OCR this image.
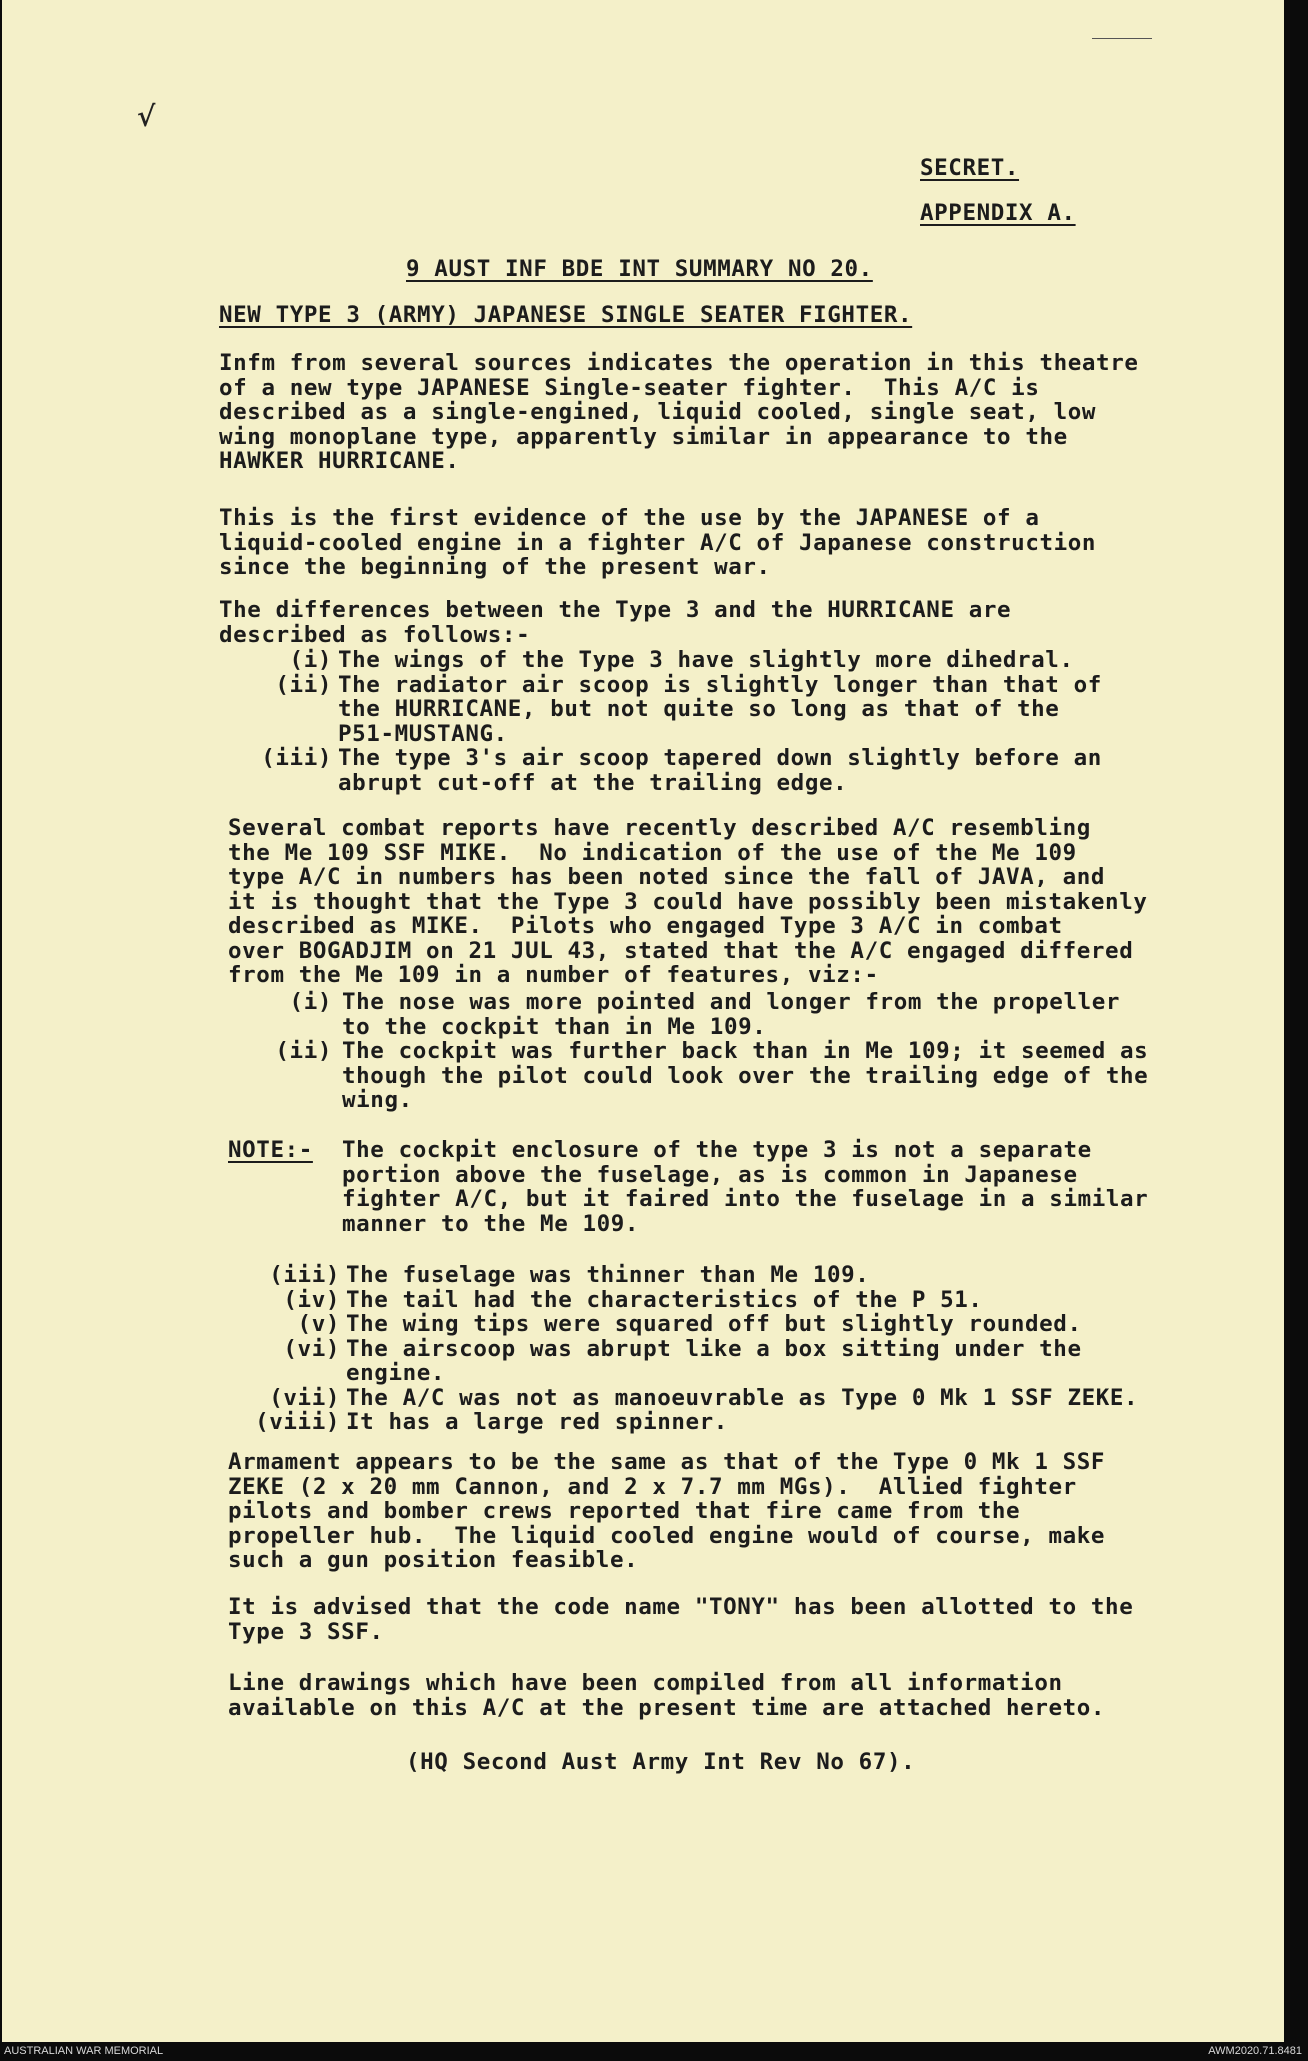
√
SECRET.
APPENDIX A.
9 AUST INF BDE INT SUMMARY NO 20.
NEW TYPE 3 (ARMY) JAPANESE SINGLE SEATER FIGHTER.
Infm from several sources indicates the operation in this theatre
of a new type JAPANESE Single-seater fighter.  This A/C is
described as a single-engined, liquid cooled, single seat, low
wing monoplane type, apparently similar in appearance to the
HAWKER HURRICANE.
This is the first evidence of the use by the JAPANESE of a
liquid-cooled engine in a fighter A/C of Japanese construction
since the beginning of the present war.
The differences between the Type 3 and the HURRICANE are
described as follows:-
(i) The wings of the Type 3 have slightly more dihedral.
(ii) The radiator air scoop is slightly longer than that of
the HURRICANE, but not quite so long as that of the
P51-MUSTANG.
(iii) The type 3's air scoop tapered down slightly before an
abrupt cut-off at the trailing edge.
Several combat reports have recently described A/C resembling
the Me 109 SSF MIKE.  No indication of the use of the Me 109
type A/C in numbers has been noted since the fall of JAVA, and
it is thought that the Type 3 could have possibly been mistakenly
described as MIKE.  Pilots who engaged Type 3 A/C in combat
over BOGADJIM on 21 JUL 43, stated that the A/C engaged differed
from the Me 109 in a number of features, viz:-
(i) The nose was more pointed and longer from the propeller
to the cockpit than in Me 109.
(ii) The cockpit was further back than in Me 109; it seemed as
though the pilot could look over the trailing edge of the
wing.
NOTE:- The cockpit enclosure of the type 3 is not a separate
portion above the fuselage, as is common in Japanese
fighter A/C, but it faired into the fuselage in a similar
manner to the Me 109.
(iii) The fuselage was thinner than Me 109.
(iv) The tail had the characteristics of the P 51.
(v) The wing tips were squared off but slightly rounded.
(vi) The airscoop was abrupt like a box sitting under the
engine.
(vii) The A/C was not as manoeuvrable as Type 0 Mk 1 SSF ZEKE.
(viii) It has a large red spinner.
Armament appears to be the same as that of the Type 0 Mk 1 SSF
ZEKE (2 x 20 mm Cannon, and 2 x 7.7 mm MGs).  Allied fighter
pilots and bomber crews reported that fire came from the
propeller hub.  The liquid cooled engine would of course, make
such a gun position feasible.
It is advised that the code name "TONY" has been allotted to the
Type 3 SSF.
Line drawings which have been compiled from all information
available on this A/C at the present time are attached hereto.
(HQ Second Aust Army Int Rev No 67).
AUSTRALIAN WAR MEMORIAL	AWM2020.71.8481
